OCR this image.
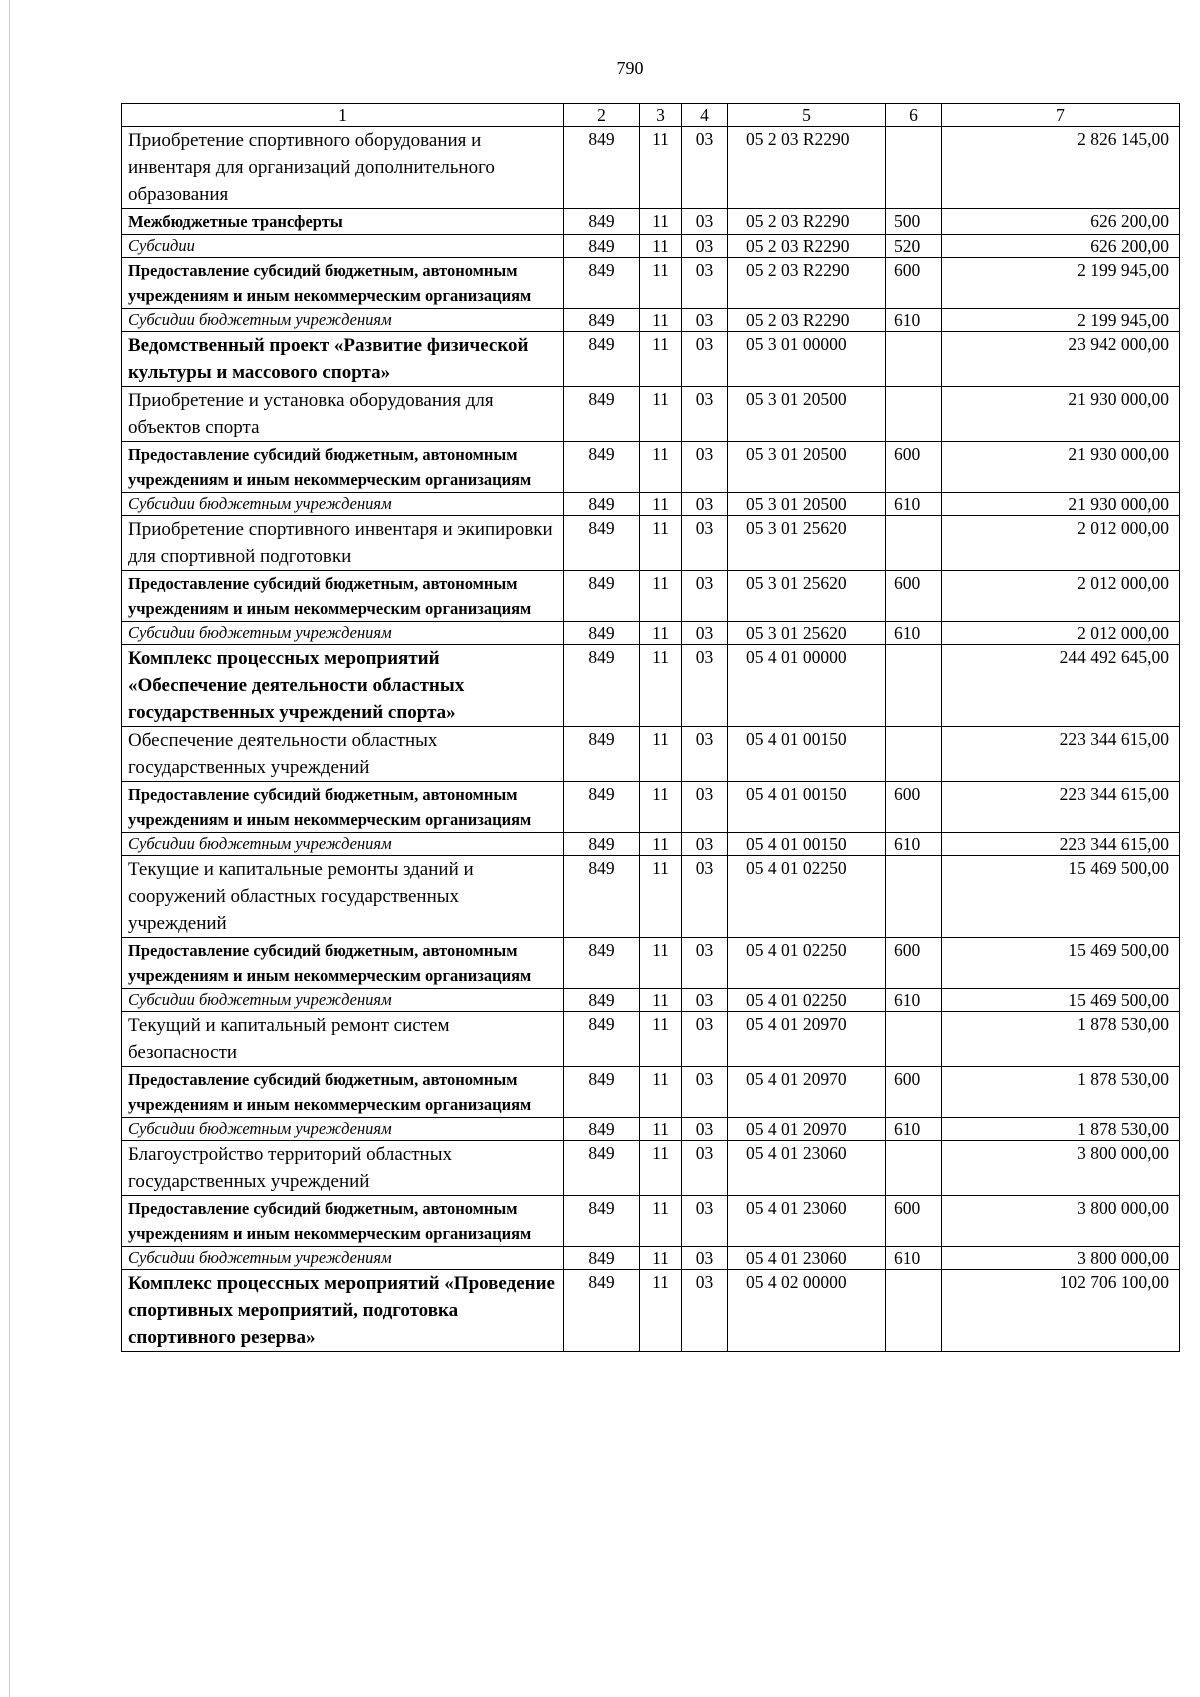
790
1	2	3	4	5	6	7
Приобретение спортивного оборудования и инвентаря для организаций дополнительного образования	849	11	03	05 2 03 R2290		2 826 145,00
Межбюджетные трансферты	849	11	03	05 2 03 R2290	500	626 200,00
Субсидии	849	11	03	05 2 03 R2290	520	626 200,00
Предоставление субсидий бюджетным, автономным учреждениям и иным некоммерческим организациям	849	11	03	05 2 03 R2290	600	2 199 945,00
Субсидии бюджетным учреждениям	849	11	03	05 2 03 R2290	610	2 199 945,00
Ведомственный проект «Развитие физической культуры и массового спорта»	849	11	03	05 3 01 00000		23 942 000,00
Приобретение и установка оборудования для объектов спорта	849	11	03	05 3 01 20500		21 930 000,00
Предоставление субсидий бюджетным, автономным учреждениям и иным некоммерческим организациям	849	11	03	05 3 01 20500	600	21 930 000,00
Субсидии бюджетным учреждениям	849	11	03	05 3 01 20500	610	21 930 000,00
Приобретение спортивного инвентаря и экипировки для спортивной подготовки	849	11	03	05 3 01 25620		2 012 000,00
Предоставление субсидий бюджетным, автономным учреждениям и иным некоммерческим организациям	849	11	03	05 3 01 25620	600	2 012 000,00
Субсидии бюджетным учреждениям	849	11	03	05 3 01 25620	610	2 012 000,00
Комплекс процессных мероприятий «Обеспечение деятельности областных государственных учреждений спорта»	849	11	03	05 4 01 00000		244 492 645,00
Обеспечение деятельности областных государственных учреждений	849	11	03	05 4 01 00150		223 344 615,00
Предоставление субсидий бюджетным, автономным учреждениям и иным некоммерческим организациям	849	11	03	05 4 01 00150	600	223 344 615,00
Субсидии бюджетным учреждениям	849	11	03	05 4 01 00150	610	223 344 615,00
Текущие и капитальные ремонты зданий и сооружений областных государственных учреждений	849	11	03	05 4 01 02250		15 469 500,00
Предоставление субсидий бюджетным, автономным учреждениям и иным некоммерческим организациям	849	11	03	05 4 01 02250	600	15 469 500,00
Субсидии бюджетным учреждениям	849	11	03	05 4 01 02250	610	15 469 500,00
Текущий и капитальный ремонт систем безопасности	849	11	03	05 4 01 20970		1 878 530,00
Предоставление субсидий бюджетным, автономным учреждениям и иным некоммерческим организациям	849	11	03	05 4 01 20970	600	1 878 530,00
Субсидии бюджетным учреждениям	849	11	03	05 4 01 20970	610	1 878 530,00
Благоустройство территорий областных государственных учреждений	849	11	03	05 4 01 23060		3 800 000,00
Предоставление субсидий бюджетным, автономным учреждениям и иным некоммерческим организациям	849	11	03	05 4 01 23060	600	3 800 000,00
Субсидии бюджетным учреждениям	849	11	03	05 4 01 23060	610	3 800 000,00
Комплекс процессных мероприятий «Проведение спортивных мероприятий, подготовка спортивного резерва»	849	11	03	05 4 02 00000		102 706 100,00
